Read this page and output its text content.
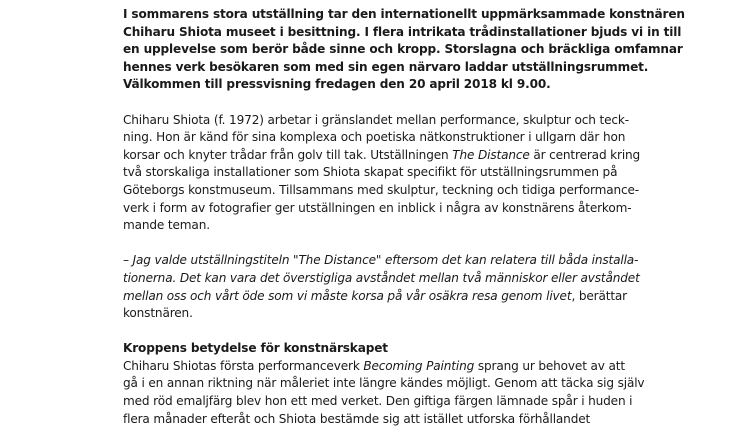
I sommarens stora utställning tar den internationellt uppmärksammade konstnären

Chiharu Shiota museet i besittning. I flera intrikata trådinstallationer bjuds vi in till

en upplevelse som berör både sinne och kropp. Storslagna och bräckliga omfamnar

hennes verk besökaren som med sin egen närvaro laddar utställningsrummet.

Välkommen till pressvisning fredagen den 20 april 2018 kl 9.00.

Chiharu Shiota (f. 1972) arbetar i gränslandet mellan performance, skulptur och teck-

ning. Hon är känd för sina komplexa och poetiska nätkonstruktioner i ullgarn där hon

korsar och knyter trådar från golv till tak. Utställningen The Distance är centrerad kring

två storskaliga installationer som Shiota skapat specifikt för utställningsrummen på

Göteborgs konstmuseum. Tillsammans med skulptur, teckning och tidiga performance-

verk i form av fotografier ger utställningen en inblick i några av konstnärens återkom-

mande teman.

– Jag valde utställningstiteln "The Distance" eftersom det kan relatera till båda installa-

tionerna. Det kan vara det överstigliga avståndet mellan två människor eller avståndet

mellan oss och vårt öde som vi måste korsa på vår osäkra resa genom livet, berättar

konstnären.

Kroppens betydelse för konstnärskapet

Chiharu Shiotas första performanceverk Becoming Painting sprang ur behovet av att

gå i en annan riktning när måleriet inte längre kändes möjligt. Genom att täcka sig själv

med röd emaljfärg blev hon ett med verket. Den giftiga färgen lämnade spår i huden i

flera månader efteråt och Shiota bestämde sig att istället utforska förhållandet
